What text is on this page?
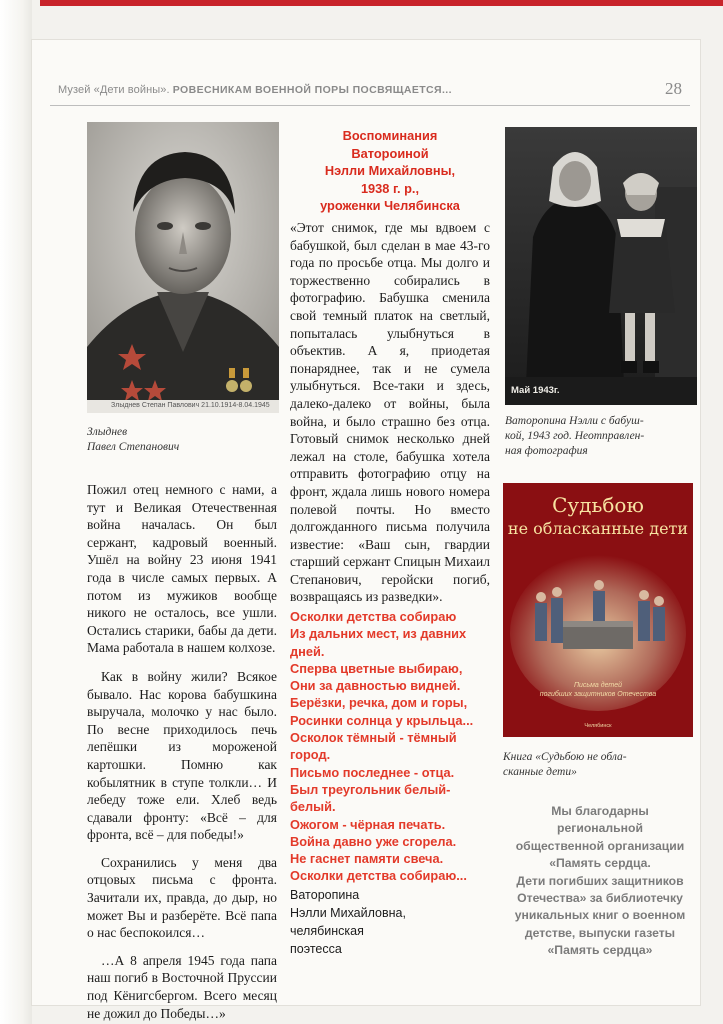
Музей «Дети войны». РОВЕСНИКАМ ВОЕННОЙ ПОРЫ ПОСВЯЩАЕТСЯ...	28
Злыднев Степан Павлович 21.10.1914-8.04.1945
Злыднев
Павел Степанович

Пожил отец немного с нами, а тут и Великая Отечественная война началась. Он был сержант, кадровый военный. Ушёл на войну 23 июня 1941 года в числе самых первых. А потом из мужиков вообще никого не осталось, все ушли. Остались старики, бабы да дети. Мама работала в нашем колхозе.

Как в войну жили? Всякое бывало. Нас корова бабушкина выручала, молочко у нас было. По весне приходилось печь лепёшки из мороженой картошки. Помню как кобылятник в ступе толкли… И лебеду тоже ели. Хлеб ведь сдавали фронту: «Всё – для фронта, всё – для победы!»

Сохранились у меня два отцовых письма с фронта. Зачитали их, правда, до дыр, но может Вы и разберёте. Всё папа о нас беспокоился…

…А 8 апреля 1945 года папа наш погиб в Восточной Пруссии под Кёнигсбергом. Всего месяц не дожил до Победы…»

Воспоминания
Ватороиной
Нэлли Михайловны,
1938 г. р.,
уроженки Челябинска

«Этот снимок, где мы вдвоем с бабушкой, был сделан в мае 43-го года по просьбе отца. Мы долго и торжественно собирались в фотографию. Бабушка сменила свой темный платок на светлый, попыталась улыбнуться в объектив. А я, приодетая понаряднее, так и не сумела улыбнуться. Все-таки и здесь, далеко-далеко от войны, была война, и было страшно без отца. Готовый снимок несколько дней лежал на столе, бабушка хотела отправить фотографию отцу на фронт, ждала лишь нового номера полевой почты. Но вместо долгожданного письма получила известие: «Ваш сын, гвардии старший сержант Спицын Михаил Степанович, геройски погиб, возвращаясь из разведки».

Осколки детства собираю
Из дальних мест, из давних
дней.
Сперва цветные выбираю,
Они за давностью видней.
Берёзки, речка, дом и горы,
Росинки солнца у крыльца...
Осколок тёмный - тёмный
город.
Письмо последнее - отца.
Был треугольник белый-
белый.
Ожогом - чёрная печать.
Война давно уже сгорела.
Не гаснет памяти свеча.
Осколки детства собираю...
Ватoропина
Нэлли Михайловна,
челябинская
поэтесса
Май 1943г.
Ватoропина Нэлли с бабуш-
кой, 1943 год. Неотправлен-
ная фотография
Судьбою
не обласканные дети
Письма детей
погибших защитников Отечества
Челябинск
Книга «Судьбою не обла-
сканные дети»
Мы благодарны
региональной
общественной организации
«Память сердца.
Дети погибших защитников
Отечества» за библиотечку
уникальных книг о военном
детстве, выпуски газеты
«Память сердца»
